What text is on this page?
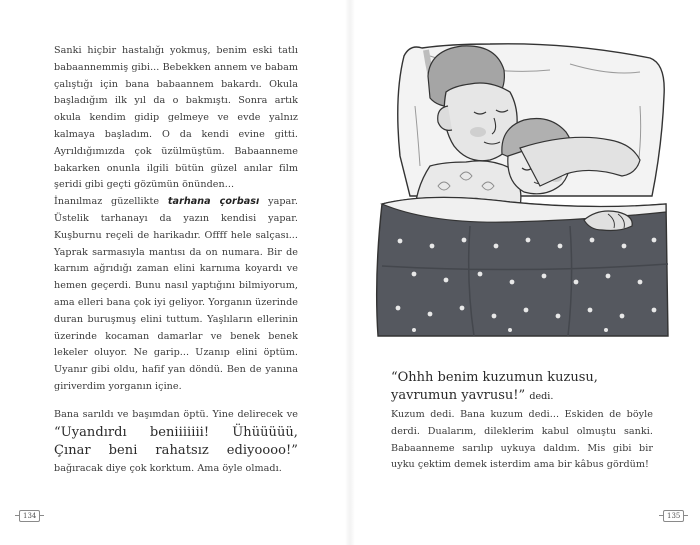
Sanki hiçbir hastalığı yokmuş, benim eski tatlı babaannemmiş gibi... Bebekken annem ve babam çalıştığı için bana babaannem bakardı. Okula başladığım ilk yıl da o bakmıştı. Sonra artık okula kendim gidip gelmeye ve evde yalnız kalmaya başladım. O da kendi evine gitti. Ayrıldığımızda çok üzülmüştüm. Babaanneme bakarken onunla ilgili bütün güzel anılar film şeridi gibi geçti gözümün önünden...

İnanılmaz güzellikte tarhana çorbası yapar. Üstelik tarhanayı da yazın kendisi yapar. Kuşburnu reçeli de harikadır. Offff hele salçası... Yaprak sarmasıyla mantısı da on numara. Bir de karnım ağrıdığı zaman elini karnıma koyardı ve hemen geçerdi. Bunu nasıl yaptığını bilmiyorum, ama elleri bana çok iyi geliyor. Yorganın üzerinde duran buruşmuş elini tuttum. Yaşlıların ellerinin üzerinde kocaman damarlar ve benek benek lekeler oluyor. Ne garip... Uzanıp elini öptüm. Uyanır gibi oldu, hafif yan döndü. Ben de yanına giriverdim yorganın içine.

Bana sarıldı ve başımdan öptü. Yine delirecek ve “Uyandırdı beniiiiiii! Ühüüüüü, Çınar beni rahatsız ediyoooo!” bağıracak diye çok korktum. Ama öyle olmadı.

134
“Ohhh benim kuzumun kuzusu, yavrumun yavrusu!” dedi.

Kuzum dedi. Bana kuzum dedi... Eskiden de böyle derdi. Dualarım, dileklerim kabul olmuştu sanki. Babaanneme sarılıp uykuya daldım. Mis gibi bir uyku çektim demek isterdim ama bir kâbus gördüm!

135
